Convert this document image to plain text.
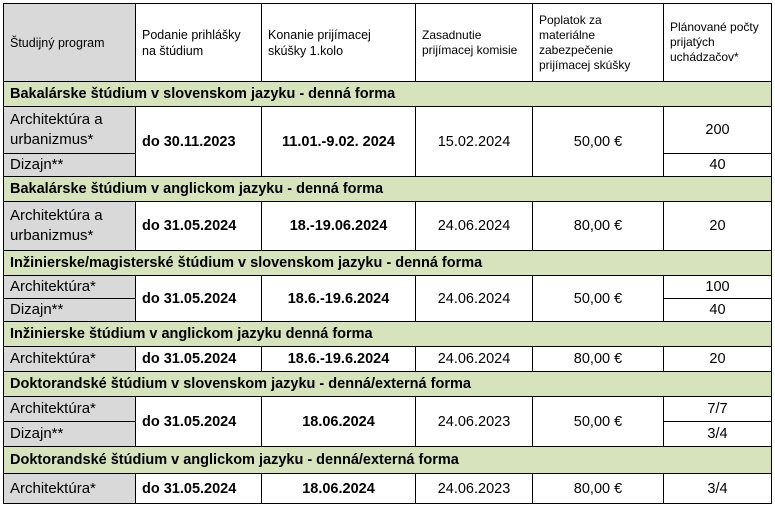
Študijný program	Podanie prihlášky na štúdium	Konanie prijímacej skúšky 1.kolo	Zasadnutie prijímacej komisie	Poplatok za materiálne zabezpečenie prijímacej skúšky	Plánované počty prijatých uchádzačov*
Bakalárske štúdium v slovenskom jazyku - denná forma					
Architektúra a urbanizmus*	do 30.11.2023	11.01.-9.02. 2024	15.02.2024	50,00 €	200

Dizajn**					40
Bakalárske štúdium v anglickom jazyku - denná forma					
Architektúra a urbanizmus*	do 31.05.2024	18.-19.06.2024	24.06.2024	80,00 €	20
Inžinierske/magisterské štúdium v slovenskom jazyku - denná forma					
Architektúra*	do 31.05.2024	18.6.-19.6.2024	24.06.2024	50,00 €	100
Dizajn**					40
Inžinierske štúdium v anglickom jazyku denná forma					
Architektúra*	do 31.05.2024	18.6.-19.6.2024	24.06.2024	80,00 €	20
Doktorandské štúdium v slovenskom jazyku - denná/externá forma					
Architektúra*	do 31.05.2024	18.06.2024	24.06.2023	50,00 €	7/7
Dizajn**					3/4
Doktorandské štúdium v anglickom jazyku - denná/externá forma					
Architektúra*	do 31.05.2024	18.06.2024	24.06.2023	80,00 €	3/4
